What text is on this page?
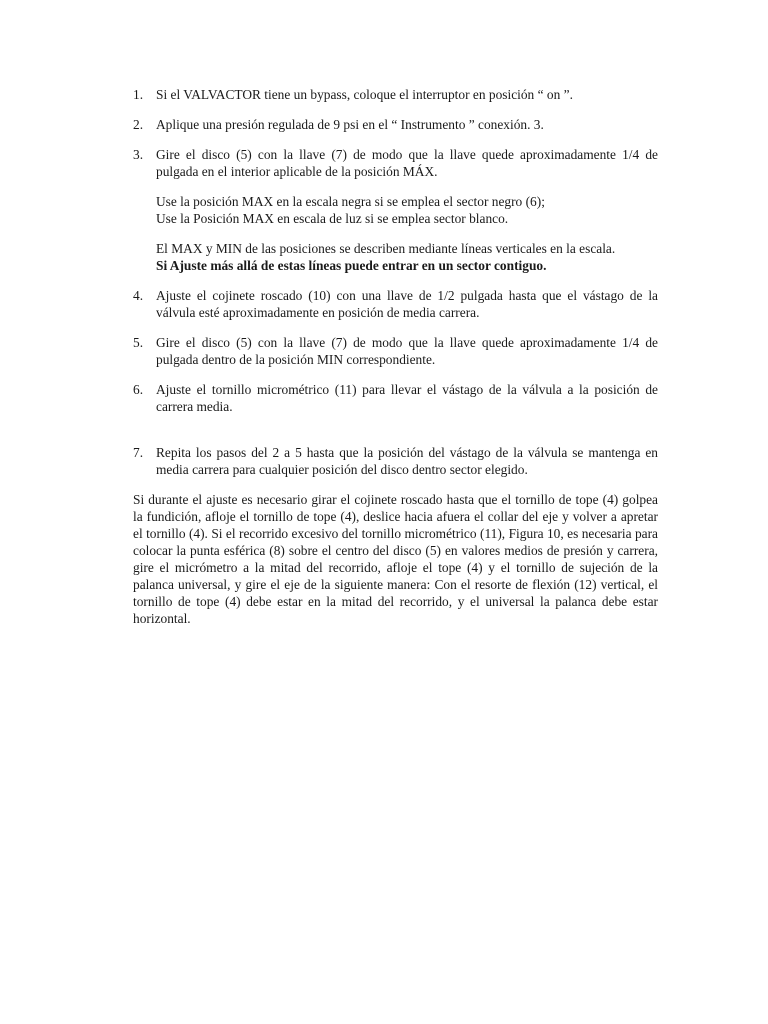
1. Si el VALVACTOR tiene un bypass, coloque el interruptor en posición “ on ”.
2. Aplique una presión regulada de 9 psi en el “ Instrumento ” conexión. 3.
3. Gire el disco (5) con la llave (7) de modo que la llave quede aproximadamente 1/4 de pulgada en el interior aplicable de la posición MÁX.
Use la posición MAX en la escala negra si se emplea el sector negro (6);
Use la Posición MAX en escala de luz si se emplea sector blanco.

El MAX y MIN de las posiciones se describen mediante líneas verticales en la escala.

Si Ajuste más allá de estas líneas puede entrar en un sector contiguo.

4. Ajuste el cojinete roscado (10) con una llave de 1/2 pulgada hasta que el vástago de la válvula esté aproximadamente en posición de media carrera.
5. Gire el disco (5) con la llave (7) de modo que la llave quede aproximadamente 1/4 de pulgada dentro de la posición MIN correspondiente.
6. Ajuste el tornillo micrométrico (11) para llevar el vástago de la válvula a la posición de carrera media.
7. Repita los pasos del 2 a 5 hasta que la posición del vástago de la válvula se mantenga en media carrera para cualquier posición del disco dentro sector elegido.

Si durante el ajuste es necesario girar el cojinete roscado hasta que el tornillo de tope (4) golpea la fundición, afloje el tornillo de tope (4), deslice hacia afuera el collar del eje y volver a apretar el tornillo (4). Si el recorrido excesivo del tornillo micrométrico (11), Figura 10, es necesaria para colocar la punta esférica (8) sobre el centro del disco (5) en valores medios de presión y carrera, gire el micrómetro a la mitad del recorrido, afloje el tope (4) y el tornillo de sujeción de la palanca universal, y gire el eje de la siguiente manera: Con el resorte de flexión (12) vertical, el tornillo de tope (4) debe estar en la mitad del recorrido, y el universal la palanca debe estar horizontal.
